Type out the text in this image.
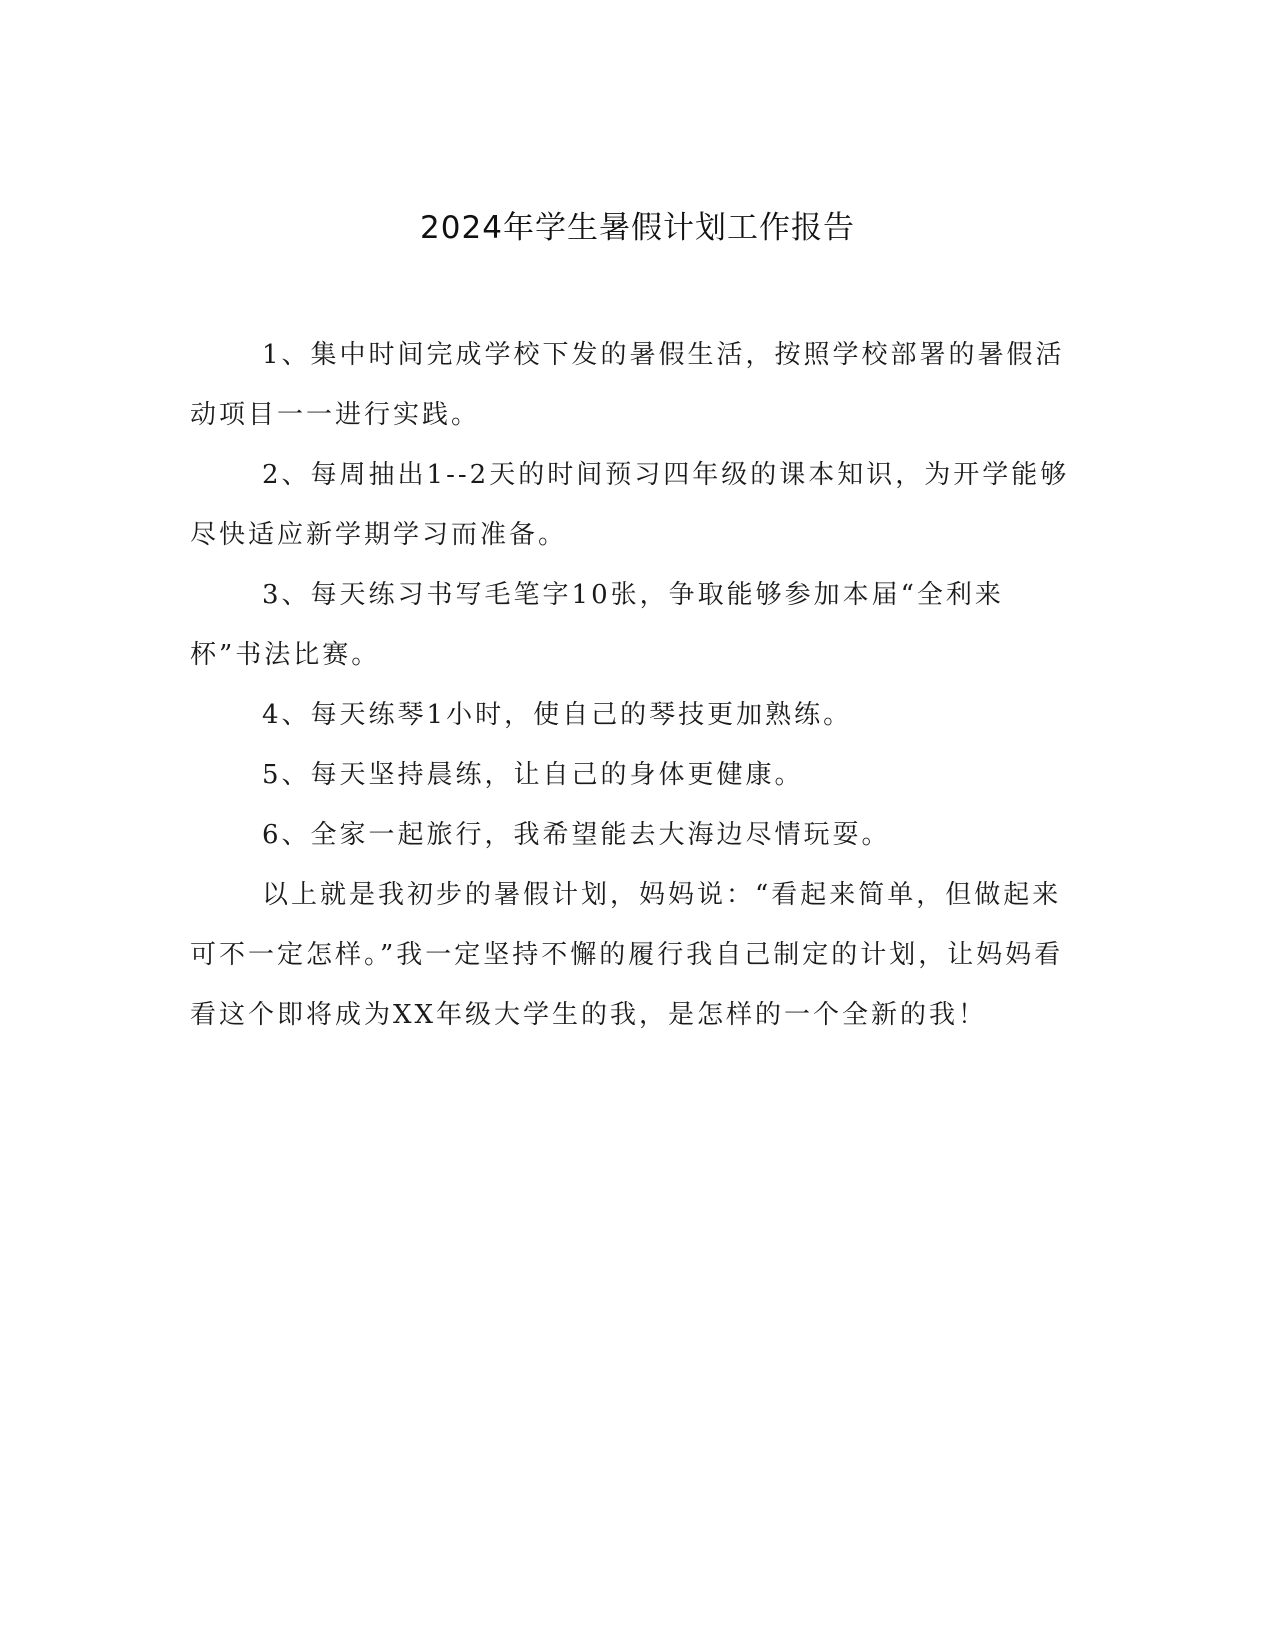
2024年学生暑假计划工作报告

1、集中时间完成学校下发的暑假生活，按照学校部署的暑假活动项目一一进行实践。

2、每周抽出1--2天的时间预习四年级的课本知识，为开学能够尽快适应新学期学习而准备。

3、每天练习书写毛笔字10张，争取能够参加本届“全利来杯”书法比赛。

4、每天练琴1小时，使自己的琴技更加熟练。

5、每天坚持晨练，让自己的身体更健康。

6、全家一起旅行，我希望能去大海边尽情玩耍。

以上就是我初步的暑假计划，妈妈说：“看起来简单，但做起来可不一定怎样。”我一定坚持不懈的履行我自己制定的计划，让妈妈看看这个即将成为XX年级大学生的我，是怎样的一个全新的我！
